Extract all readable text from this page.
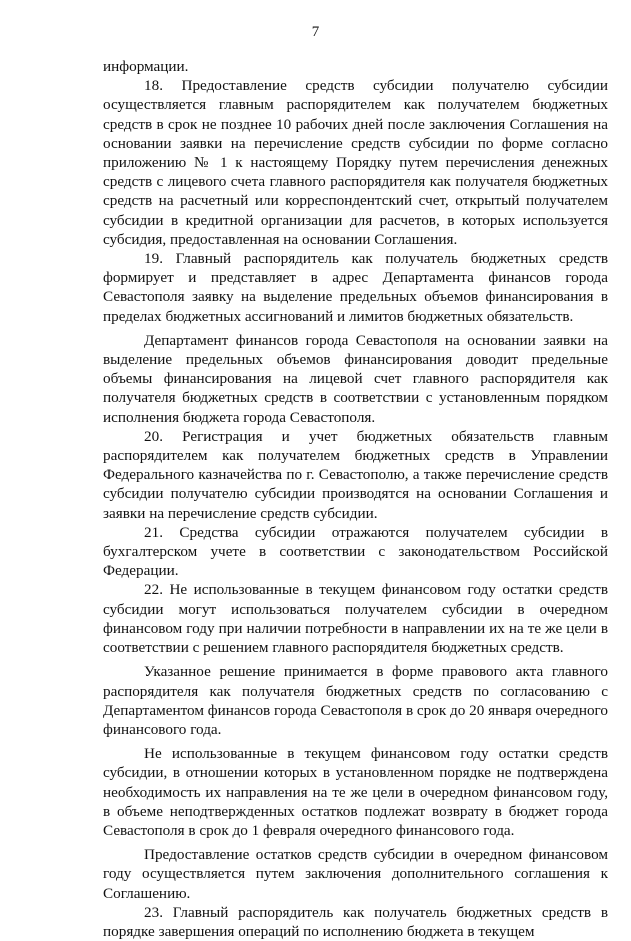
7

информации.

18. Предоставление средств субсидии получателю субсидии осуществляется главным распорядителем как получателем бюджетных средств в срок не позднее 10 рабочих дней после заключения Соглашения на основании заявки на перечисление средств субсидии по форме согласно приложению № 1 к настоящему Порядку путем перечисления денежных средств с лицевого счета главного распорядителя как получателя бюджетных средств на расчетный или корреспондентский счет, открытый получателем субсидии в кредитной организации для расчетов, в которых используется субсидия, предоставленная на основании Соглашения.

19. Главный распорядитель как получатель бюджетных средств формирует и представляет в адрес Департамента финансов города Севастополя заявку на выделение предельных объемов финансирования в пределах бюджетных ассигнований и лимитов бюджетных обязательств.

Департамент финансов города Севастополя на основании заявки на выделение предельных объемов финансирования доводит предельные объемы финансирования на лицевой счет главного распорядителя как получателя бюджетных средств в соответствии с установленным порядком исполнения бюджета города Севастополя.

20. Регистрация и учет бюджетных обязательств главным распорядителем как получателем бюджетных средств в Управлении Федерального казначейства по г. Севастополю, а также перечисление средств субсидии получателю субсидии производятся на основании Соглашения и заявки на перечисление средств субсидии.

21. Средства субсидии отражаются получателем субсидии в бухгалтерском учете в соответствии с законодательством Российской Федерации.

22. Не использованные в текущем финансовом году остатки средств субсидии могут использоваться получателем субсидии в очередном финансовом году при наличии потребности в направлении их на те же цели в соответствии с решением главного распорядителя бюджетных средств.

Указанное решение принимается в форме правового акта главного распорядителя как получателя бюджетных средств по согласованию с Департаментом финансов города Севастополя в срок до 20 января очередного финансового года.

Не использованные в текущем финансовом году остатки средств субсидии, в отношении которых в установленном порядке не подтверждена необходимость их направления на те же цели в очередном финансовом году, в объеме неподтвержденных остатков подлежат возврату в бюджет города Севастополя в срок до 1 февраля очередного финансового года.

Предоставление остатков средств субсидии в очередном финансовом году осуществляется путем заключения дополнительного соглашения к Соглашению.

23. Главный распорядитель как получатель бюджетных средств в порядке завершения операций по исполнению бюджета в текущем
